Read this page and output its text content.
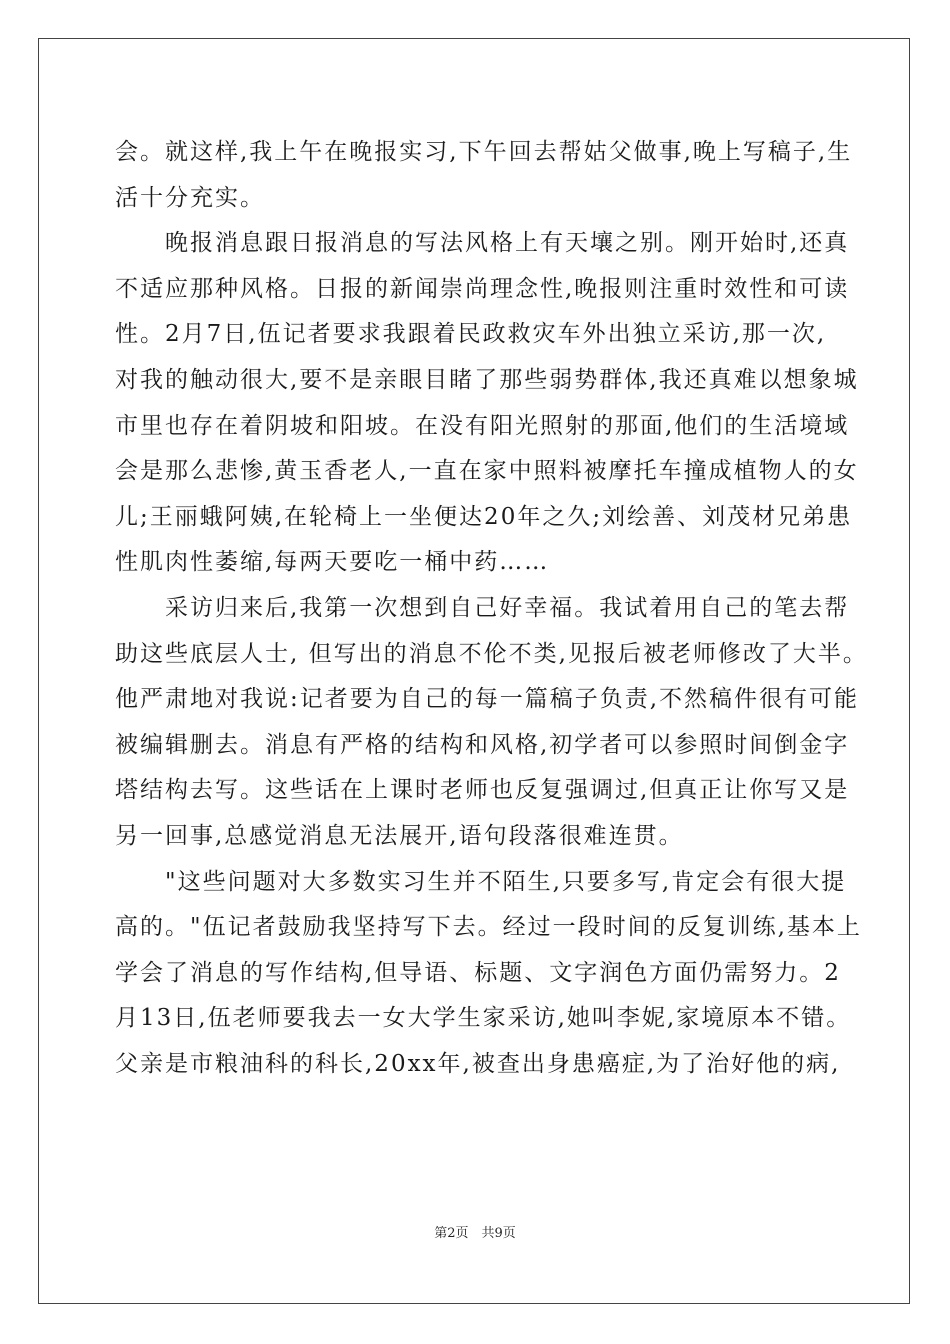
会。就这样,我上午在晚报实习,下午回去帮姑父做事,晚上写稿子,生
活十分充实。
晚报消息跟日报消息的写法风格上有天壤之别。刚开始时,还真
不适应那种风格。日报的新闻崇尚理念性,晚报则注重时效性和可读
性。2月7日,伍记者要求我跟着民政救灾车外出独立采访,那一次,
对我的触动很大,要不是亲眼目睹了那些弱势群体,我还真难以想象城
市里也存在着阴坡和阳坡。在没有阳光照射的那面,他们的生活境域
会是那么悲惨,黄玉香老人,一直在家中照料被摩托车撞成植物人的女
儿;王丽蛾阿姨,在轮椅上一坐便达20年之久;刘绘善、刘茂材兄弟患
性肌肉性萎缩,每两天要吃一桶中药……
采访归来后,我第一次想到自己好幸福。我试着用自己的笔去帮
助这些底层人士, 但写出的消息不伦不类,见报后被老师修改了大半。
他严肃地对我说:记者要为自己的每一篇稿子负责,不然稿件很有可能
被编辑删去。消息有严格的结构和风格,初学者可以参照时间倒金字
塔结构去写。这些话在上课时老师也反复强调过,但真正让你写又是
另一回事,总感觉消息无法展开,语句段落很难连贯。
"这些问题对大多数实习生并不陌生,只要多写,肯定会有很大提
高的。"伍记者鼓励我坚持写下去。经过一段时间的反复训练,基本上
学会了消息的写作结构,但导语、标题、文字润色方面仍需努力。2
月13日,伍老师要我去一女大学生家采访,她叫李妮,家境原本不错。
父亲是市粮油科的科长,20xx年,被查出身患癌症,为了治好他的病,
第2页　共9页
